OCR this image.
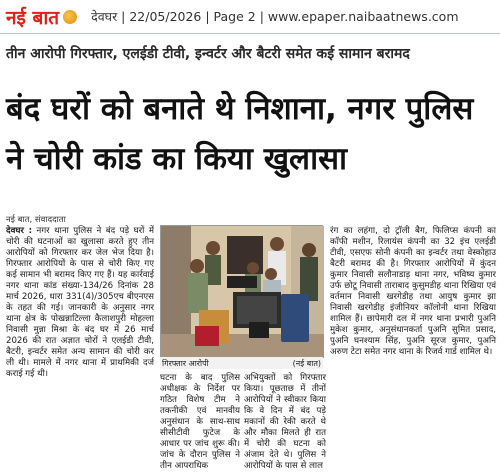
नई बात	देवघर | 22/05/2026 | Page 2 | www.epaper.naibaatnews.com
तीन आरोपी गिरफ्तार, एलईडी टीवी, इन्वर्टर और बैटरी समेत कई सामान बरामद
बंद घरों को बनाते थे निशाना, नगर पुलिस ने चोरी कांड का किया खुलासा
नई बात, संवाददाता
देवघर : नगर थाना पुलिस ने बंद पड़े घरों में चोरी की घटनाओं का खुलासा करते हुए तीन आरोपियों को गिरफ्तार कर जेल भेज दिया है। गिरफ्तार आरोपियों के पास से चोरी किए गए कई सामान भी बरामद किए गए हैं। यह कार्रवाई नगर थाना कांड संख्या-134/26 दिनांक 28 मार्च 2026, धारा 331(4)/305एच बीएनएस के तहत की गई। जानकारी के अनुसार नगर थाना क्षेत्र के पोखन्नाटिल्ला कैलाशपुरी मोहल्ला निवासी मुन्ना मिश्रा के बंद घर में 26 मार्च 2026 की रात अज्ञात चोरों ने एलईडी टीवी, बैटरी, इन्वर्टर समेत अन्य सामान की चोरी कर ली थी। मामले में नगर थाना में प्राथमिकी दर्ज कराई गई थी।
गिरफ्तार आरोपी	(नई बात)
घटना के बाद पुलिस अधीक्षक के निर्देश पर गठित विशेष टीम ने तकनीकी एवं मानवीय अनुसंधान के साथ-साथ सीसीटीवी फुटेज के आधार पर जांच शुरू की। जांच के दौरान पुलिस ने तीन आपराधिक
अभियुक्तों को गिरफ्तार किया। पूछताछ में तीनों आरोपियों ने स्वीकार किया कि वे दिन में बंद पड़े मकानों की रेकी करते थे और मौका मिलते ही रात में चोरी की घटना को अंजाम देते थे। पुलिस ने आरोपियों के पास से लाल
रंग का लहंगा, दो ट्रॉली बैग, फिलिप्स कंपनी का कॉफी मशीन, रिलायंस कंपनी का 32 इंच एलईडी टीवी, एसएफ सोनी कंपनी का इन्वर्टर तथा वेस्कोहाउ बैटरी बरामद की है। गिरफ्तार आरोपियों में कुंदन कुमार निवासी सलौनाडाड़ थाना नगर, भविष्य कुमार उर्फ छोटू निवासी ताराबाद कुसुमडीह थाना रिखिया एवं वर्तमान निवासी खरगेडीह तथा आयुष कुमार झा निवासी खरगेडीह इंजीनियर कॉलोनी थाना रिखिया शामिल हैं। छापेमारी दल में नगर थाना प्रभारी पुअनि मुकेश कुमार, अनुसंधानकर्ता पुअनि सुमित प्रसाद, पुअनि घनश्याम सिंह, पुअनि सूरज कुमार, पुअनि अरुण टेटा समेत नगर थाना के रिजर्व गार्ड शामिल थे।
